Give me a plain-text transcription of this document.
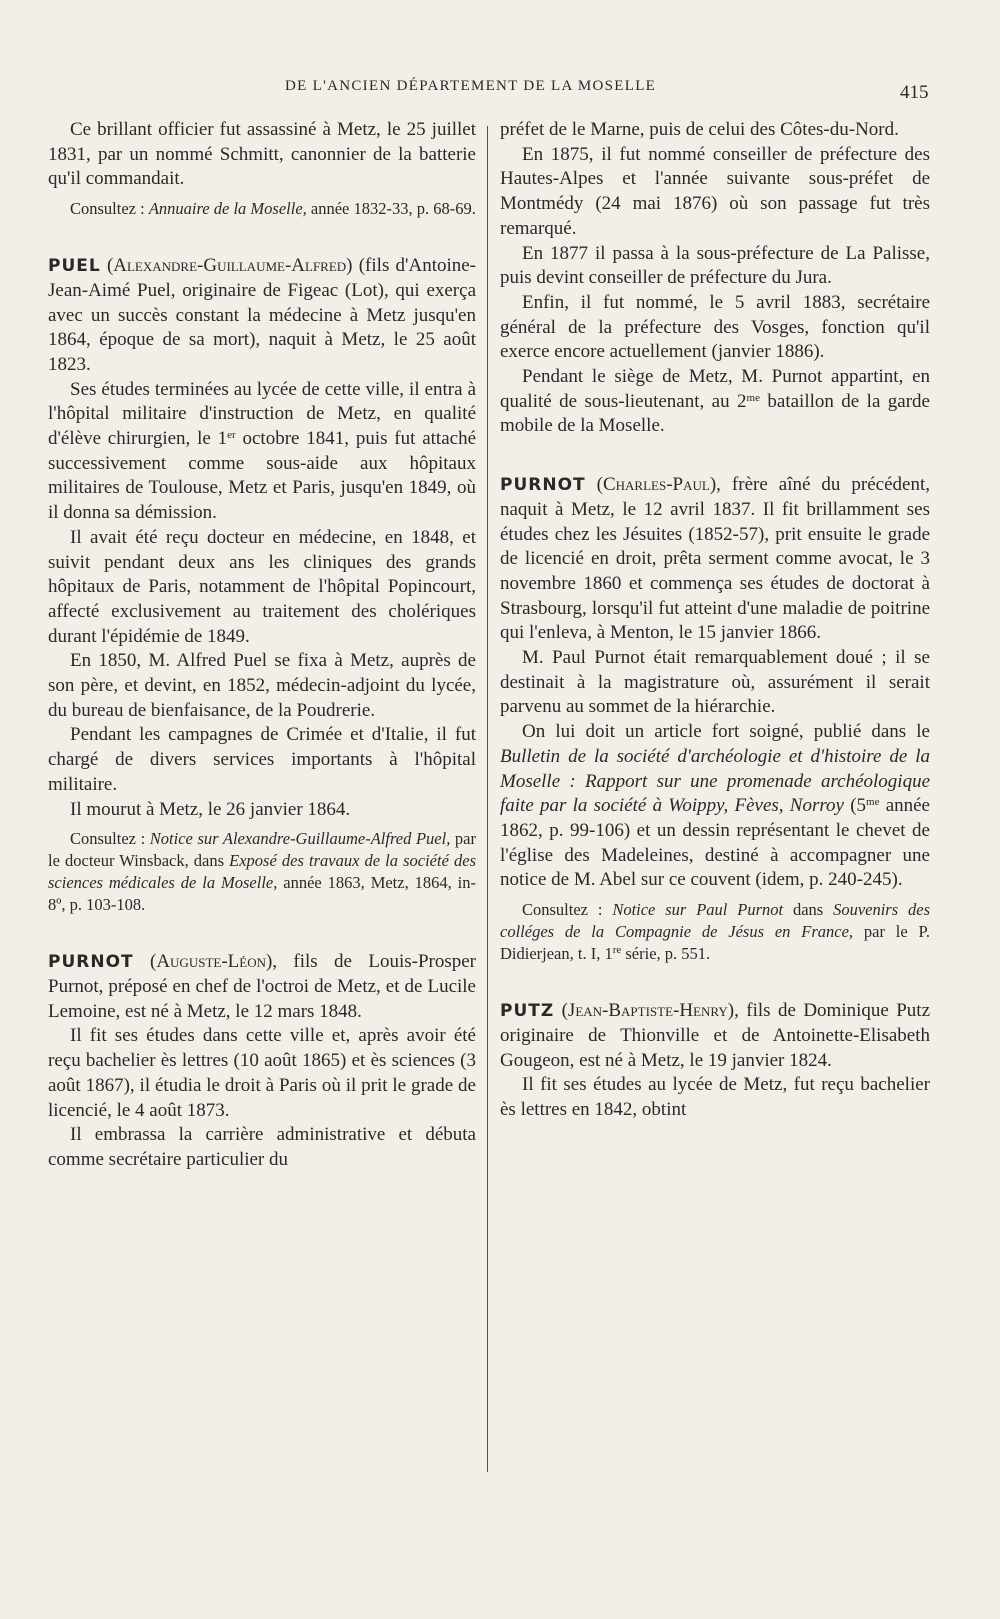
DE L'ANCIEN DÉPARTEMENT DE LA MOSELLE	415

Ce brillant officier fut assassiné à Metz, le 25 juillet 1831, par un nommé Schmitt, canonnier de la batterie qu'il commandait.

Consultez : Annuaire de la Moselle, année 1832-33, p. 68-69.

PUEL (Alexandre-Guillaume-Alfred) (fils d'Antoine-Jean-Aimé Puel, originaire de Figeac (Lot), qui exerça avec un succès constant la médecine à Metz jusqu'en 1864, époque de sa mort), naquit à Metz, le 25 août 1823.

Ses études terminées au lycée de cette ville, il entra à l'hôpital militaire d'instruction de Metz, en qualité d'élève chirurgien, le 1er octobre 1841, puis fut attaché successivement comme sous-aide aux hôpitaux militaires de Toulouse, Metz et Paris, jusqu'en 1849, où il donna sa démission.

Il avait été reçu docteur en médecine, en 1848, et suivit pendant deux ans les cliniques des grands hôpitaux de Paris, notamment de l'hôpital Popincourt, affecté exclusivement au traitement des cholériques durant l'épidémie de 1849.

En 1850, M. Alfred Puel se fixa à Metz, auprès de son père, et devint, en 1852, médecin-adjoint du lycée, du bureau de bienfaisance, de la Poudrerie.

Pendant les campagnes de Crimée et d'Italie, il fut chargé de divers services importants à l'hôpital militaire.

Il mourut à Metz, le 26 janvier 1864.

Consultez : Notice sur Alexandre-Guillaume-Alfred Puel, par le docteur Winsback, dans Exposé des travaux de la société des sciences médicales de la Moselle, année 1863, Metz, 1864, in-8º, p. 103-108.

PURNOT (Auguste-Léon), fils de Louis-Prosper Purnot, préposé en chef de l'octroi de Metz, et de Lucile Lemoine, est né à Metz, le 12 mars 1848.

Il fit ses études dans cette ville et, après avoir été reçu bachelier ès lettres (10 août 1865) et ès sciences (3 août 1867), il étudia le droit à Paris où il prit le grade de licencié, le 4 août 1873.

Il embrassa la carrière administrative et débuta comme secrétaire particulier du

préfet de le Marne, puis de celui des Côtes-du-Nord.

En 1875, il fut nommé conseiller de préfecture des Hautes-Alpes et l'année suivante sous-préfet de Montmédy (24 mai 1876) où son passage fut très remarqué.

En 1877 il passa à la sous-préfecture de La Palisse, puis devint conseiller de préfecture du Jura.

Enfin, il fut nommé, le 5 avril 1883, secrétaire général de la préfecture des Vosges, fonction qu'il exerce encore actuellement (janvier 1886).

Pendant le siège de Metz, M. Purnot appartint, en qualité de sous-lieutenant, au $2^{me}$ bataillon de la garde mobile de la Moselle.

PURNOT (Charles-Paul), frère aîné du précédent, naquit à Metz, le 12 avril 1837. Il fit brillamment ses études chez les Jésuites (1852-57), prit ensuite le grade de licencié en droit, prêta serment comme avocat, le 3 novembre 1860 et commença ses études de doctorat à Strasbourg, lorsqu'il fut atteint d'une maladie de poitrine qui l'enleva, à Menton, le 15 janvier 1866.

M. Paul Purnot était remarquablement doué ; il se destinait à la magistrature où, assurément il serait parvenu au sommet de la hiérarchie.

On lui doit un article fort soigné, publié dans le Bulletin de la société d'archéologie et d'histoire de la Moselle : Rapport sur une promenade archéologique faite par la société à Woippy, Fèves, Norroy ($5^{me}$ année 1862, p. 99-106) et un dessin représentant le chevet de l'église des Madeleines, destiné à accompagner une notice de M. Abel sur ce couvent (idem, p. 240-245).

Consultez : Notice sur Paul Purnot dans Souvenirs des colléges de la Compagnie de Jésus en France, par le P. Didierjean, t. I, 1re série, p. 551.

PUTZ (Jean-Baptiste-Henry), fils de Dominique Putz originaire de Thionville et de Antoinette-Elisabeth Gougeon, est né à Metz, le 19 janvier 1824.

Il fit ses études au lycée de Metz, fut reçu bachelier ès lettres en 1842, obtint
